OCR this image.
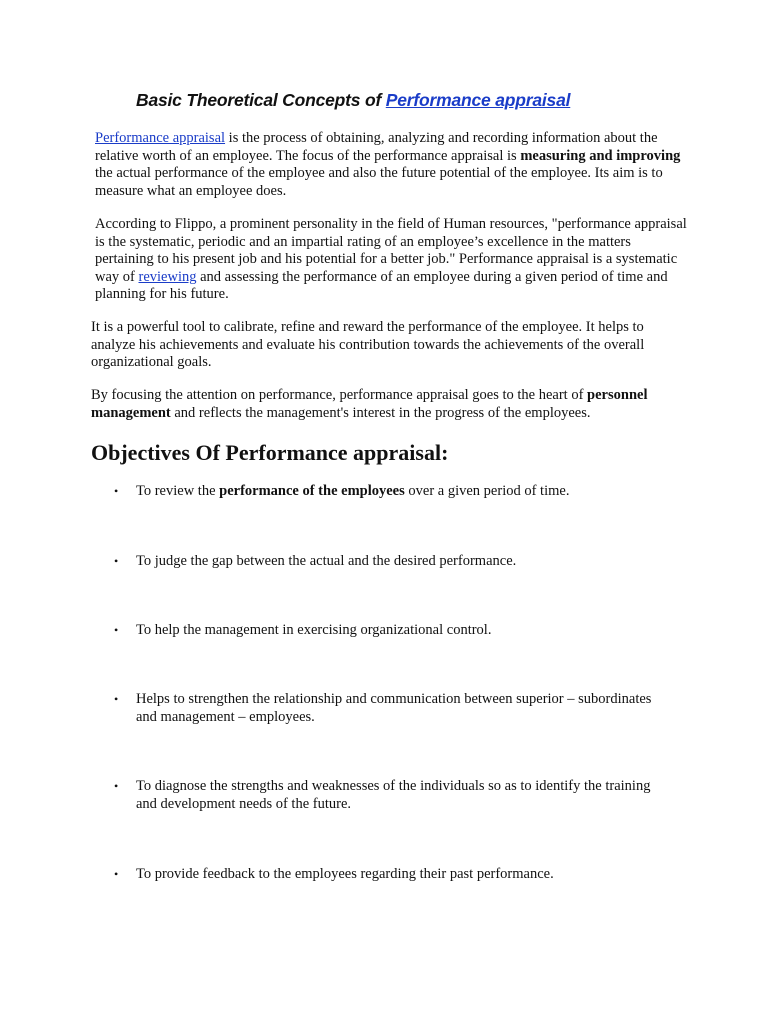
Basic Theoretical Concepts of Performance appraisal

Performance appraisal is the process of obtaining, analyzing and recording information about the relative worth of an employee. The focus of the performance appraisal is measuring and improving the actual performance of the employee and also the future potential of the employee. Its aim is to measure what an employee does.

According to Flippo, a prominent personality in the field of Human resources, "performance appraisal is the systematic, periodic and an impartial rating of an employee’s excellence in the matters pertaining to his present job and his potential for a better job." Performance appraisal is a systematic way of reviewing and assessing the performance of an employee during a given period of time and planning for his future.

It is a powerful tool to calibrate, refine and reward the performance of the employee. It helps to analyze his achievements and evaluate his contribution towards the achievements of the overall organizational goals.

By focusing the attention on performance, performance appraisal goes to the heart of personnel management and reflects the management's interest in the progress of the employees.

Objectives Of Performance appraisal:
• To review the performance of the employees over a given period of time.
• To judge the gap between the actual and the desired performance.
• To help the management in exercising organizational control.
• Helps to strengthen the relationship and communication between superior – subordinates and management – employees.
• To diagnose the strengths and weaknesses of the individuals so as to identify the training and development needs of the future.
• To provide feedback to the employees regarding their past performance.
